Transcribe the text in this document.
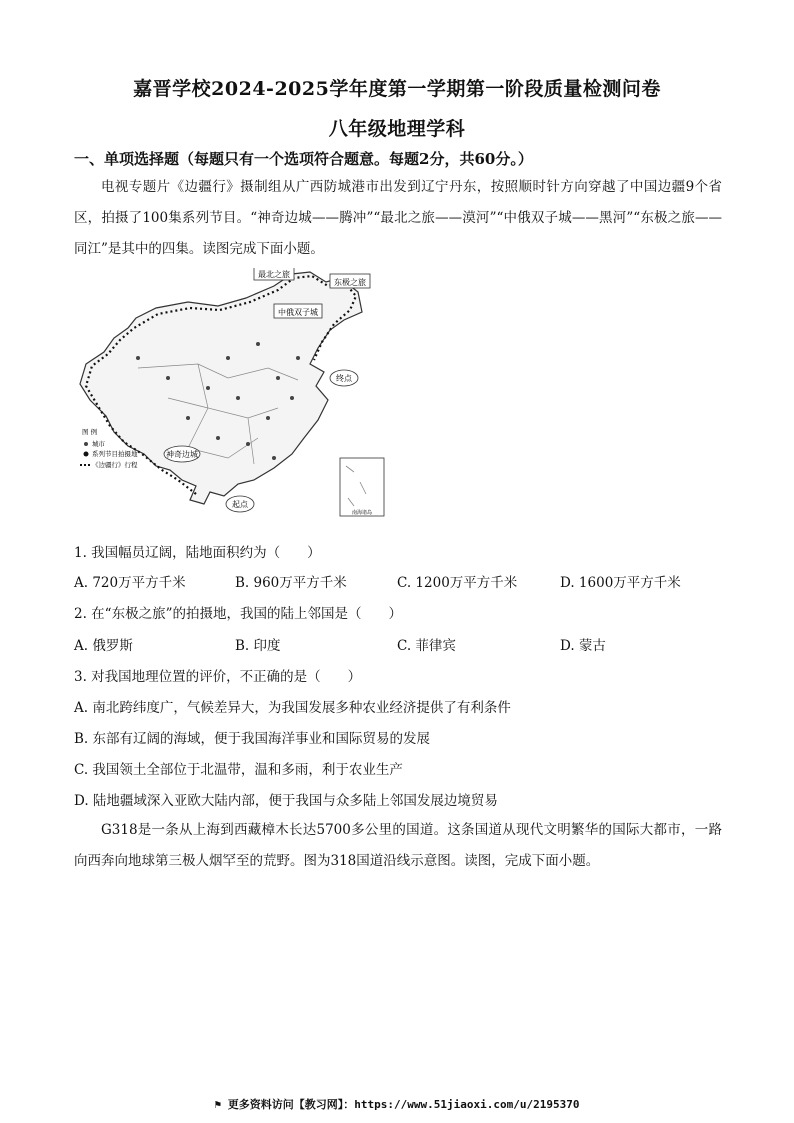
嘉晋学校2024-2025学年度第一学期第一阶段质量检测问卷
八年级地理学科
一、单项选择题（每题只有一个选项符合题意。每题2分，共60分。）
电视专题片《边疆行》摄制组从广西防城港市出发到辽宁丹东，按照顺时针方向穿越了中国边疆9个省区，拍摄了100集系列节目。“神奇边城——腾冲”“最北之旅——漠河”“中俄双子城——黑河”“东极之旅——同江”是其中的四集。读图完成下面小题。
最北之旅
东极之旅
中俄双子城
终点
神奇边城
起点
图 例
城市
系列节目拍摄地
《边疆行》行程
南海诸岛
1. 我国幅员辽阔，陆地面积约为（　　）
A. 720万平方千米	B. 960万平方千米	C. 1200万平方千米	D. 1600万平方千米
2. 在“东极之旅”的拍摄地，我国的陆上邻国是（　　）
A. 俄罗斯	B. 印度	C. 菲律宾	D. 蒙古
3. 对我国地理位置的评价，不正确的是（　　）
A. 南北跨纬度广，气候差异大，为我国发展多种农业经济提供了有利条件
B. 东部有辽阔的海域，便于我国海洋事业和国际贸易的发展
C. 我国领土全部位于北温带，温和多雨，利于农业生产
D. 陆地疆域深入亚欧大陆内部，便于我国与众多陆上邻国发展边境贸易
G318是一条从上海到西藏樟木长达5700多公里的国道。这条国道从现代文明繁华的国际大都市，一路向西奔向地球第三极人烟罕至的荒野。图为318国道沿线示意图。读图，完成下面小题。
⚑ 更多资料访问【教习网】：https://www.51jiaoxi.com/u/2195370
